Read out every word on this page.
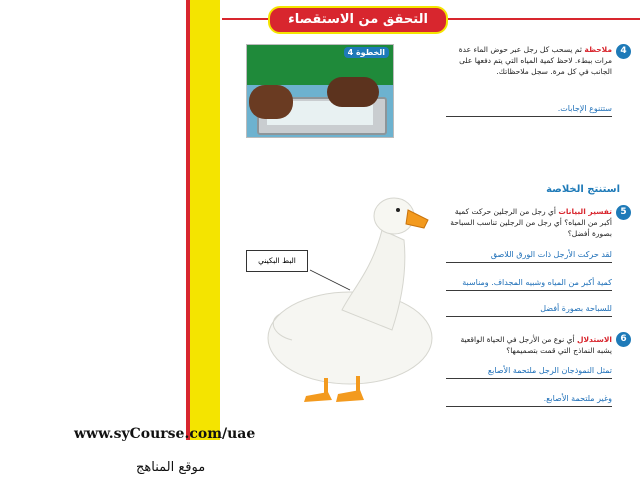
التحقق من الاستقصاء
الخطوة 4	4
ملاحظة ثم يسحب كل رجل عبر حوض الماء عدة مرات ببطء. لاحظ كمية المياه التي يتم دفعها على الجانب في كل مرة. سجل ملاحظاتك.
ستتنوع الإجابات.
استنتج الخلاصة
5
تفسير البيانات أي رجل من الرجلين حركت كمية أكبر من المياه؟ أي رجل من الرجلين تناسب السباحة بصورة أفضل؟
لقد حركت الأرجل ذات الورق اللاصق
كمية أكبر من المياه وشبيه المجداف. ومناسبة
للسباحة بصورة أفضل
6
الاستدلال أي نوع من الأرجل في الحياة الواقعية يشبه النماذج التي قمت بتصميمها؟
تمثل النموذجان الرجل ملتحمة الأصابع
وغير ملتحمة الأصابع.
البط البكيني
www.syCourse.com/uae
موقع المناهج
